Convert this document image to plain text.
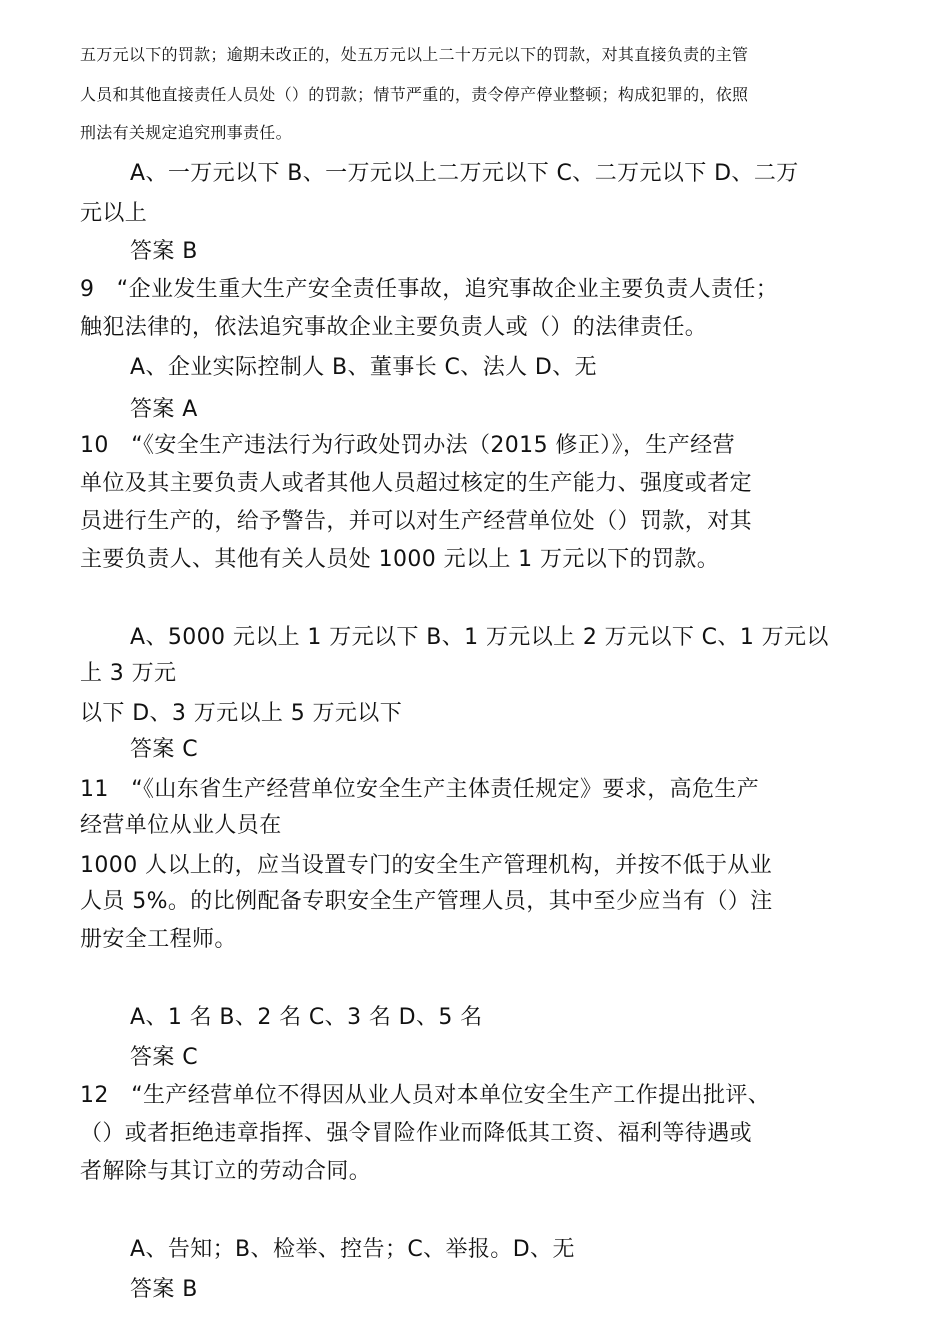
五万元以下的罚款；逾期未改正的，处五万元以上二十万元以下的罚款，对其直接负责的主管
人员和其他直接责任人员处（）的罚款；情节严重的，责令停产停业整顿；构成犯罪的，依照
刑法有关规定追究刑事责任。
A、一万元以下 B、一万元以上二万元以下 C、二万元以下 D、二万
元以上
答案 B
9　“企业发生重大生产安全责任事故，追究事故企业主要负责人责任；
触犯法律的，依法追究事故企业主要负责人或（）的法律责任。
A、企业实际控制人 B、董事长 C、法人 D、无
答案 A
10　“《安全生产违法行为行政处罚办法（2015 修正）》，生产经营
单位及其主要负责人或者其他人员超过核定的生产能力、强度或者定
员进行生产的，给予警告，并可以对生产经营单位处（）罚款，对其
主要负责人、其他有关人员处 1000 元以上 1 万元以下的罚款。
A、5000 元以上 1 万元以下 B、1 万元以上 2 万元以下 C、1 万元以
上 3 万元
以下 D、3 万元以上 5 万元以下
答案 C
11　“《山东省生产经营单位安全生产主体责任规定》要求，高危生产
经营单位从业人员在
1000 人以上的，应当设置专门的安全生产管理机构，并按不低于从业
人员 5%。的比例配备专职安全生产管理人员，其中至少应当有（）注
册安全工程师。
A、1 名 B、2 名 C、3 名 D、5 名
答案 C
12　“生产经营单位不得因从业人员对本单位安全生产工作提出批评、
（）或者拒绝违章指挥、强令冒险作业而降低其工资、福利等待遇或
者解除与其订立的劳动合同。
A、告知；B、检举、控告；C、举报。D、无
答案 B
